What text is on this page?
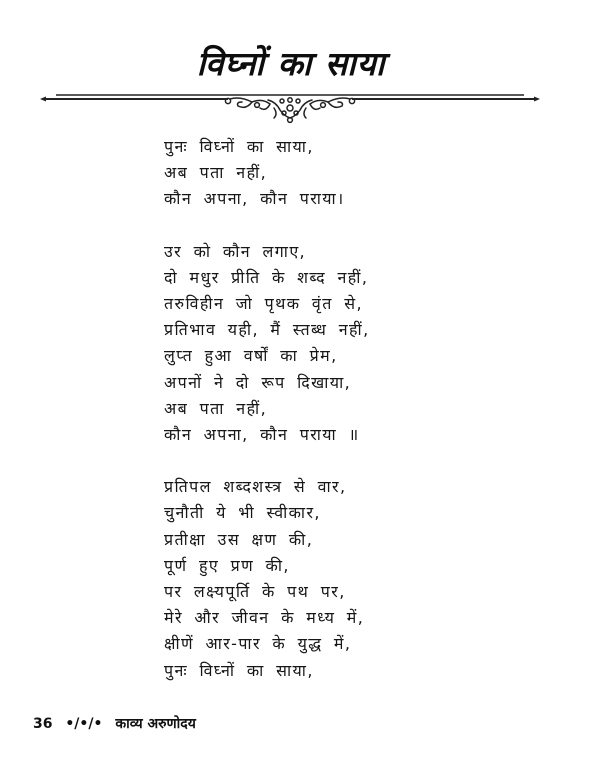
विघ्नों का साया
पुनः विघ्नों का साया,
अब पता नहीं,
कौन अपना, कौन पराया।
उर को कौन लगाए,
दो मधुर प्रीति के शब्द नहीं,
तरुविहीन जो पृथक वृंत से,
प्रतिभाव यही, मैं स्तब्ध नहीं,
लुप्त हुआ वर्षों का प्रेम,
अपनों ने दो रूप दिखाया,
अब पता नहीं,
कौन अपना, कौन पराया ॥
प्रतिपल शब्दशस्त्र से वार,
चुनौती ये भी स्वीकार,
प्रतीक्षा उस क्षण की,
पूर्ण हुए प्रण की,
पर लक्ष्यपूर्ति के पथ पर,
मेरे और जीवन के मध्य में,
क्षीणें आर-पार के युद्ध में,
पुनः विघ्नों का साया,
36 •/•/• काव्य अरुणोदय
